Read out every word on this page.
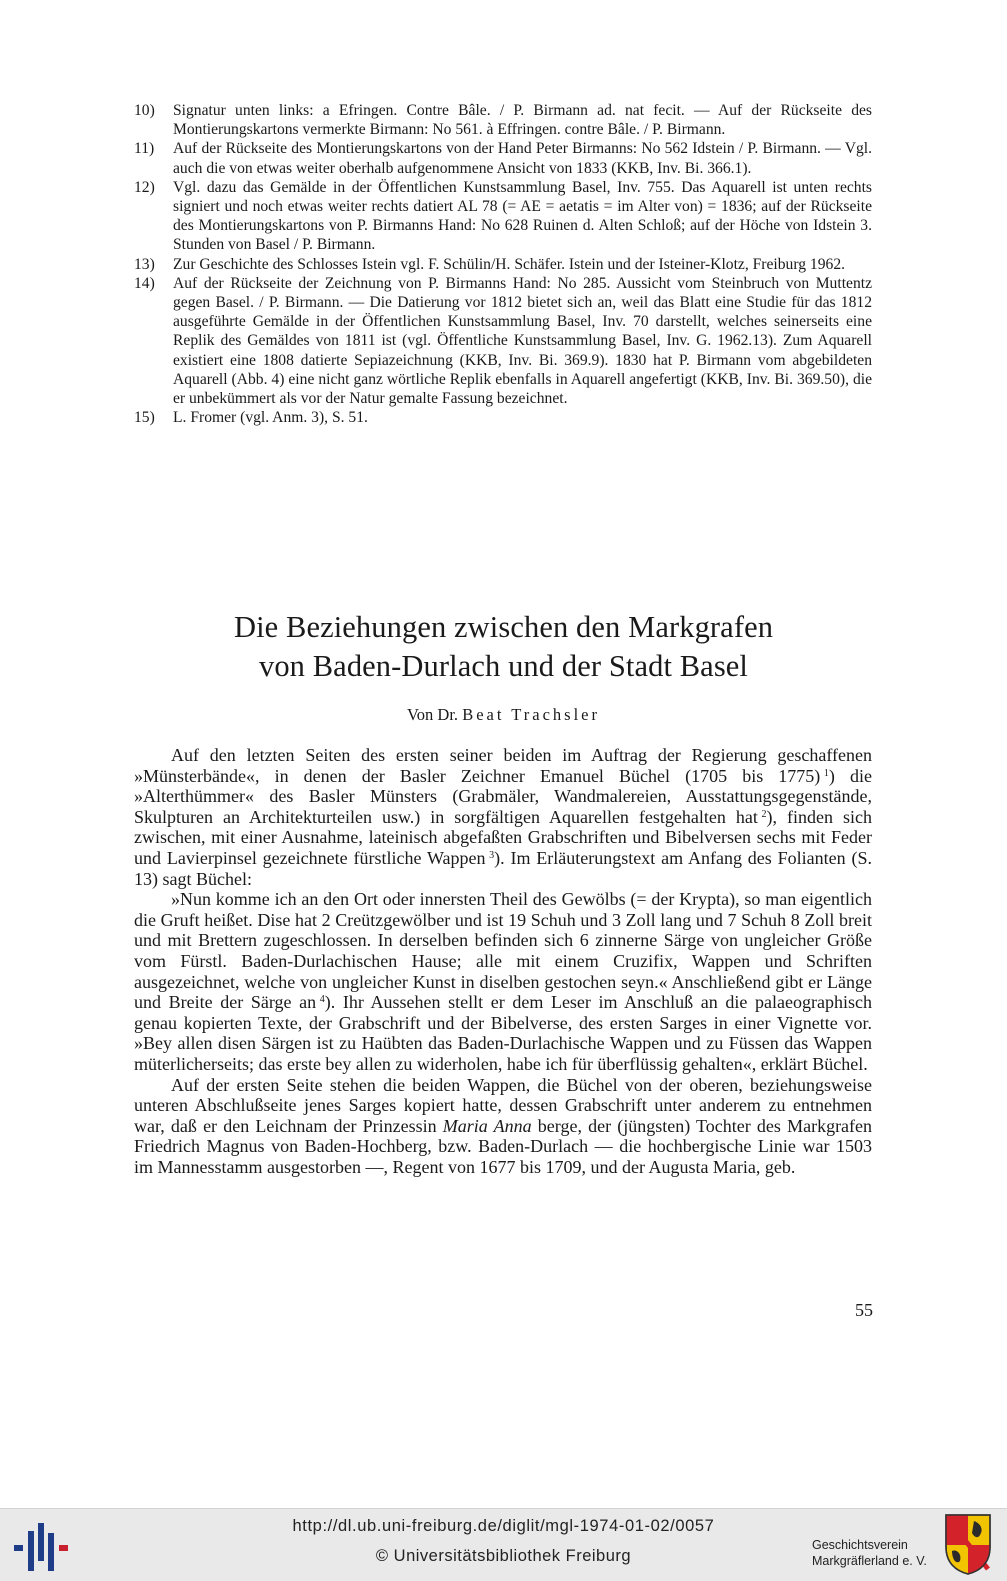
10) Signatur unten links: a Efringen. Contre Bâle. / P. Birmann ad. nat fecit. — Auf der Rückseite des Montierungskartons vermerkte Birmann: No 561. à Effringen. contre Bâle. / P. Birmann.
11) Auf der Rückseite des Montierungskartons von der Hand Peter Birmanns: No 562 Idstein / P. Birmann. — Vgl. auch die von etwas weiter oberhalb aufgenommene Ansicht von 1833 (KKB, Inv. Bi. 366.1).
12) Vgl. dazu das Gemälde in der Öffentlichen Kunstsammlung Basel, Inv. 755. Das Aquarell ist unten rechts signiert und noch etwas weiter rechts datiert AL 78 (= AE = aetatis = im Alter von) = 1836; auf der Rückseite des Montierungskartons von P. Birmanns Hand: No 628 Ruinen d. Alten Schloß; auf der Höche von Idstein 3. Stunden von Basel / P. Birmann.
13) Zur Geschichte des Schlosses Istein vgl. F. Schülin/H. Schäfer. Istein und der Isteiner-Klotz, Freiburg 1962.
14) Auf der Rückseite der Zeichnung von P. Birmanns Hand: No 285. Aussicht vom Steinbruch von Muttentz gegen Basel. / P. Birmann. — Die Datierung vor 1812 bietet sich an, weil das Blatt eine Studie für das 1812 ausgeführte Gemälde in der Öffentlichen Kunstsammlung Basel, Inv. 70 darstellt, welches seinerseits eine Replik des Gemäldes von 1811 ist (vgl. Öffentliche Kunstsammlung Basel, Inv. G. 1962.13). Zum Aquarell existiert eine 1808 datierte Sepiazeichnung (KKB, Inv. Bi. 369.9). 1830 hat P. Birmann vom abgebildeten Aquarell (Abb. 4) eine nicht ganz wörtliche Replik ebenfalls in Aquarell angefertigt (KKB, Inv. Bi. 369.50), die er unbekümmert als vor der Natur gemalte Fassung bezeichnet.
15) L. Fromer (vgl. Anm. 3), S. 51.
Die Beziehungen zwischen den Markgrafen
von Baden-Durlach und der Stadt Basel
Von Dr. Beat Trachsler

Auf den letzten Seiten des ersten seiner beiden im Auftrag der Regierung geschaffenen »Münsterbände«, in denen der Basler Zeichner Emanuel Büchel (1705 bis 1775)  $^1$) die »Alterthümmer« des Basler Münsters (Grabmäler, Wandmalereien, Ausstattungsgegenstände, Skulpturen an Architekturteilen usw.) in sorgfältigen Aquarellen festgehalten hat  $^2$), finden sich zwischen, mit einer Ausnahme, lateinisch abgefaßten Grabschriften und Bibelversen sechs mit Feder und Lavierpinsel gezeichnete fürstliche Wappen  $^3$). Im Erläuterungstext am Anfang des Folianten (S. 13) sagt Büchel:

»Nun komme ich an den Ort oder innersten Theil des Gewölbs (= der Krypta), so man eigentlich die Gruft heißet. Dise hat 2 Creützgewölber und ist 19 Schuh und 3 Zoll lang und 7 Schuh 8 Zoll breit und mit Brettern zugeschlossen. In derselben befinden sich 6 zinnerne Särge von ungleicher Größe vom Fürstl. Baden-Durlachischen Hause; alle mit einem Cruzifix, Wappen und Schriften ausgezeichnet, welche von ungleicher Kunst in diselben gestochen seyn.« Anschließend gibt er Länge und Breite der Särge an  $^4$). Ihr Aussehen stellt er dem Leser im Anschluß an die palaeographisch genau kopierten Texte, der Grabschrift und der Bibelverse, des ersten Sarges in einer Vignette vor. »Bey allen disen Särgen ist zu Haübten das Baden-Durlachische Wappen und zu Füssen das Wappen müterlicherseits; das erste bey allen zu widerholen, habe ich für überflüssig gehalten«, erklärt Büchel.

Auf der ersten Seite stehen die beiden Wappen, die Büchel von der oberen, beziehungsweise unteren Abschlußseite jenes Sarges kopiert hatte, dessen Grabschrift unter anderem zu entnehmen war, daß er den Leichnam der Prinzessin Maria Anna berge, der (jüngsten) Tochter des Markgrafen Friedrich Magnus von Baden-Hochberg, bzw. Baden-Durlach — die hochbergische Linie war 1503 im Mannesstamm ausgestorben —, Regent von 1677 bis 1709, und der Augusta Maria, geb.

55
http://dl.ub.uni-freiburg.de/diglit/mgl-1974-01-02/0057
© Universitätsbibliothek Freiburg
Geschichtsverein
Markgräflerland e. V.
